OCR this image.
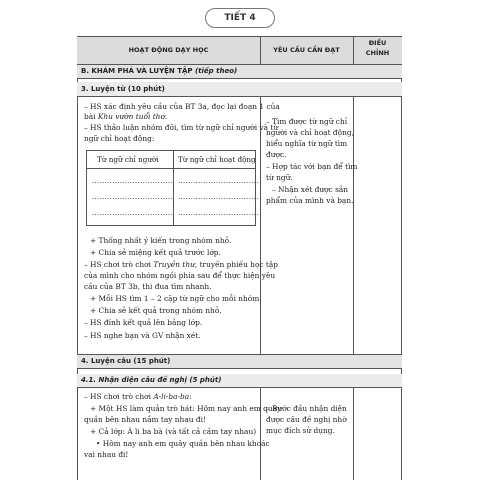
TIẾT 4
HOẠT ĐỘNG DẠY HỌC	YÊU CẦU CẦN ĐẠT
ĐIỀU
CHỈNH
B. KHÁM PHÁ VÀ LUYỆN TẬP (tiếp theo)
3. Luyện từ (10 phút)
– HS xác định yêu cầu của BT 3a, đọc lại đoạn 1 của
bài Khu vườn tuổi thơ.
– HS thảo luận nhóm đôi, tìm từ ngữ chỉ người và từ
ngữ chỉ hoạt động:
Từ ngữ chỉ người	Từ ngữ chỉ hoạt động
................................ ................................
................................ ................................
................................ ................................
+ Thống nhất ý kiến trong nhóm nhỏ.
+ Chia sẻ miệng kết quả trước lớp.
– HS chơi trò chơi Truyền thư, truyền phiếu học tập
của mình cho nhóm ngồi phía sau để thực hiện yêu
cầu của BT 3b, thi đua tìm nhanh.
+ Mỗi HS tìm 1 – 2 cặp từ ngữ cho mỗi nhóm.
+ Chia sẻ kết quả trong nhóm nhỏ.
– HS đính kết quả lên bảng lớp.
– HS nghe bạn và GV nhận xét.
– Tìm được từ ngữ chỉ
người và chỉ hoạt động,
hiểu nghĩa từ ngữ tìm
được.
– Hợp tác với bạn để tìm
từ ngữ.
– Nhận xét được sản
phẩm của mình và bạn.
4. Luyện câu (15 phút)
4.1. Nhận diện câu đề nghị (5 phút)
– HS chơi trò chơi A-li-ba-ba:
+ Một HS làm quản trò hát: Hôm nay anh em quây
quần bên nhau nắm tay nhau đi!
+ Cả lớp: À li ba bà (và tất cả cầm tay nhau)
• Hôm nay anh em quây quần bên nhau khoác
vai nhau đi!
– Bước đầu nhận diện
được câu đề nghị nhờ
mục đích sử dụng.
